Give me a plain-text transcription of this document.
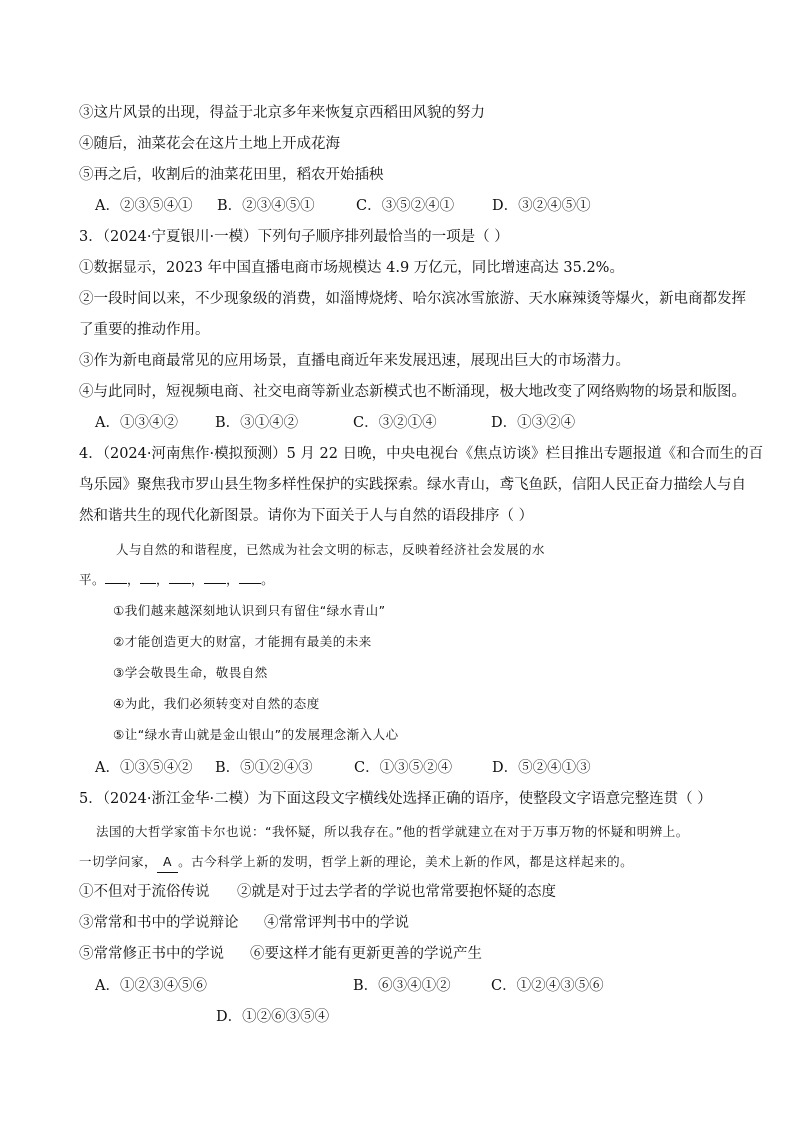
③这片风景的出现，得益于北京多年来恢复京西稻田风貌的努力
④随后，油菜花会在这片土地上开成花海
⑤再之后，收割后的油菜花田里，稻农开始插秧
A．②③⑤④① B．②③④⑤①	C．③⑤②④①	D．③②④⑤①
3．（2024·宁夏银川·一模）下列句子顺序排列最恰当的一项是（ ）
①数据显示，2023 年中国直播电商市场规模达 4.9 万亿元，同比增速高达 35.2%。
②一段时间以来，不少现象级的消费，如淄博烧烤、哈尔滨冰雪旅游、天水麻辣烫等爆火，新电商都发挥
了重要的推动作用。
③作为新电商最常见的应用场景，直播电商近年来发展迅速，展现出巨大的市场潜力。
④与此同时，短视频电商、社交电商等新业态新模式也不断涌现，极大地改变了网络购物的场景和版图。
A．①③④②	B．③①④②	C．③②①④	D．①③②④
4．（2024·河南焦作·模拟预测）5 月 22 日晚，中央电视台《焦点访谈》栏目推出专题报道《和合而生的百
鸟乐园》聚焦我市罗山县生物多样性保护的实践探索。绿水青山，鸢飞鱼跃，信阳人民正奋力描绘人与自
然和谐共生的现代化新图景。请你为下面关于人与自然的语段排序（ ）
人与自然的和谐程度，已然成为社会文明的标志，反映着经济社会发展的水
平。 ， ， ， ， 。
①我们越来越深刻地认识到只有留住“绿水青山”
②才能创造更大的财富，才能拥有最美的未来
③学会敬畏生命，敬畏自然
④为此，我们必须转变对自然的态度
⑤让“绿水青山就是金山银山”的发展理念渐入人心
A．①③⑤④② B．⑤①②④③	C．①③⑤②④	D．⑤②④①③
5．（2024·浙江金华·二模）为下面这段文字横线处选择正确的语序，使整段文字语意完整连贯（ ）
法国的大哲学家笛卡尔也说：“我怀疑，所以我存在。”他的哲学就建立在对于万事万物的怀疑和明辨上。
一切学问家， A 。古今科学上新的发明，哲学上新的理论，美术上新的作风，都是这样起来的。
①不但对于流俗传说 ②就是对于过去学者的学说也常常要抱怀疑的态度
③常常和书中的学说辩论 ④常常评判书中的学说
⑤常常修正书中的学说 ⑥要这样才能有更新更善的学说产生
A．①②③④⑤⑥	B．⑥③④①②	C．①②④③⑤⑥
D．①②⑥③⑤④
